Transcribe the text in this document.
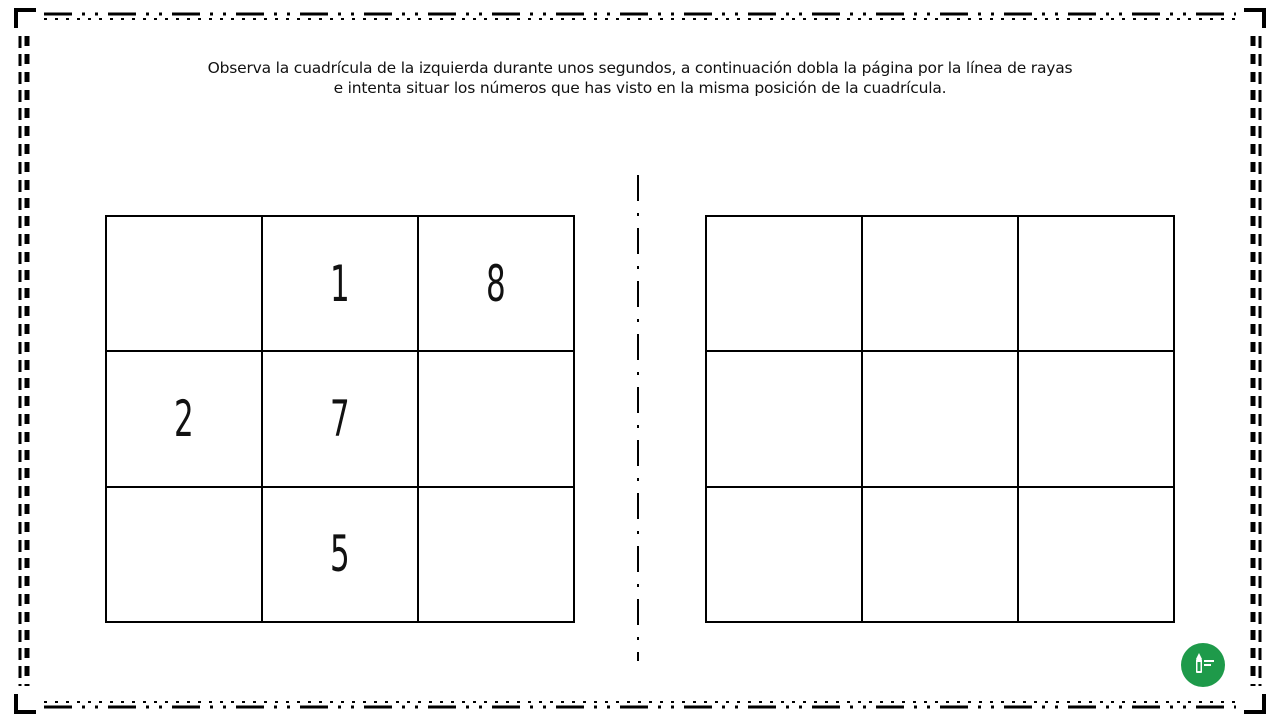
Observa la cuadrícula de la izquierda durante unos segundos, a continuación dobla la página por la línea de rayas
e intenta situar los números que has visto en la misma posición de la cuadrícula.
1	8
2	7
5
